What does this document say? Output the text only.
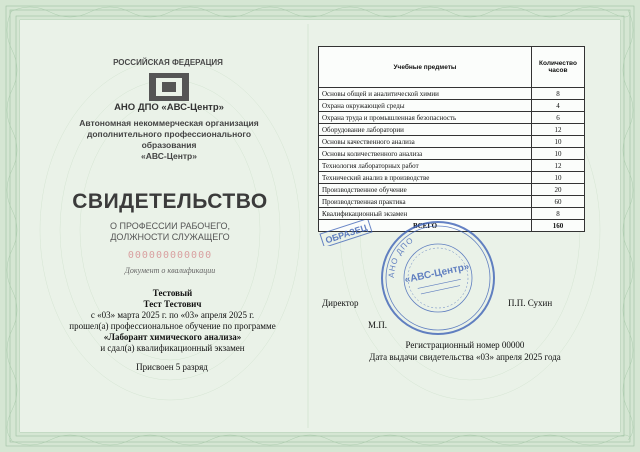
РОССИЙСКАЯ ФЕДЕРАЦИЯ
АНО ДПО «АВС-Центр»
Автономная некоммерческая организация
дополнительного профессионального образования
«АВС-Центр»
СВИДЕТЕЛЬСТВО
О ПРОФЕССИИ РАБОЧЕГО,
ДОЛЖНОСТИ СЛУЖАЩЕГО
000000000000
Документ о квалификации
Тестовый
Тест Тестович
с «03» марта 2025 г. по «03» апреля 2025 г.
прошел(а) профессиональное обучение по программе
«Лаборант химического анализа»
и сдал(а) квалификационный экзамен
Присвоен 5 разряд
Учебные предметы	Количество часов
Основы общей и аналитической химии	8
Охрана окружающей среды	4
Охрана труда и промышленная безопасность	6
Оборудование лаборатории	12
Основы качественного анализа	10
Основы количественного анализа	10
Технология лабораторных работ	12
Технический анализ в производстве	10
Производственное обучение	20
Производственная практика	60
Квалификационный экзамен	8
ВСЕГО	160
ОБРАЗЕЦ
АНО ДПО
«АВС-Центр»
Директор	П.П. Сухин
М.П.
Регистрационный номер 00000
Дата выдачи свидетельства «03» апреля 2025 года
